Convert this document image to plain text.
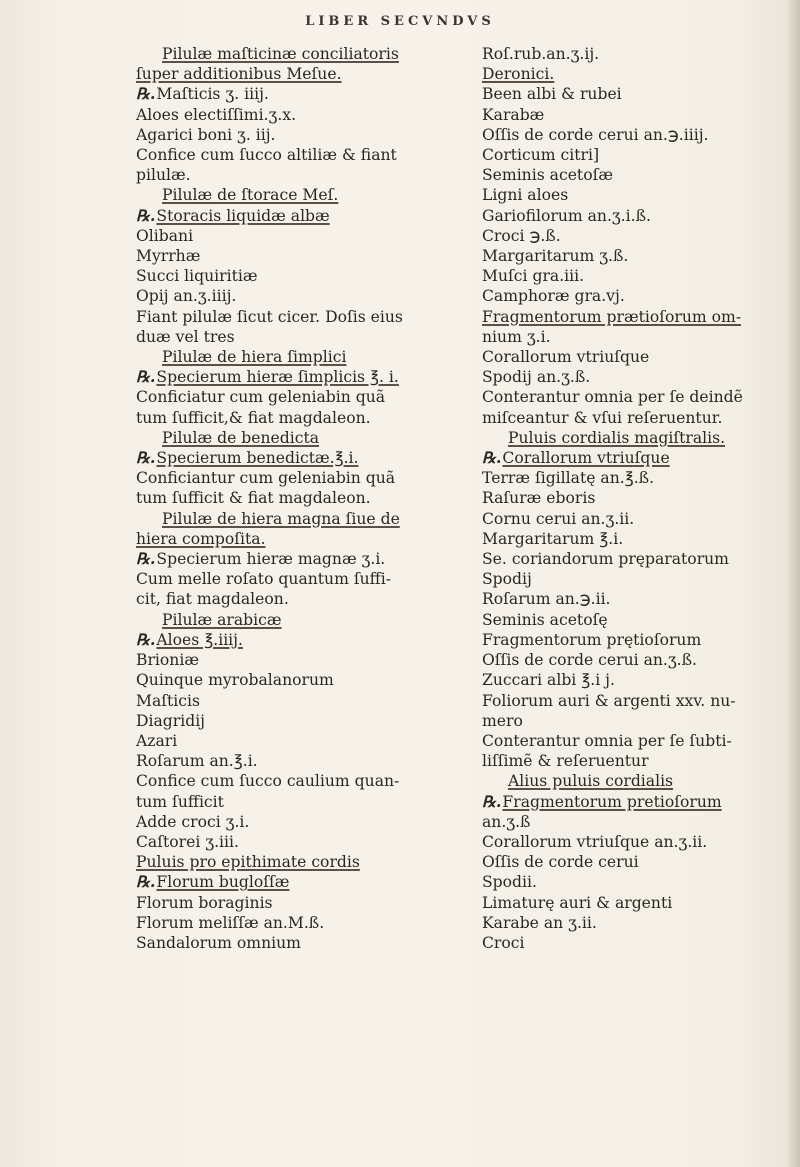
LIBER SECVNDVS
Pilulæ maſticinæ conciliatoris
ſuper additionibus Meſue.
℞.Maſticis ʒ. iiij.
Aloes electiſſimi.ʒ.x.
Agarici boni ʒ. iij.
Confice cum ſucco altiliæ & fiant
pilulæ.
Pilulæ de ſtorace Meſ.
℞.Storacis liquidæ albæ
Olibani
Myrrhæ
Succi liquiritiæ
Opij an.ʒ.iiij.
Fiant pilulæ ſicut cicer. Doſis eius
duæ vel tres
Pilulæ de hiera ſimplici
℞.Specierum hieræ ſimplicis ℥. i.
Conficiatur cum geleniabin quã
tum ſufficit,& fiat magdaleon.
Pilulæ de benedicta
℞.Specierum benedictæ.℥.i.
Conficiantur cum geleniabin quã
tum ſufficit & fiat magdaleon.
Pilulæ de hiera magna ſiue de
hiera compoſita.
℞.Specierum hieræ magnæ ʒ.i.
Cum melle roſato quantum ſuffi-
cit, fiat magdaleon.
Pilulæ arabicæ
℞.Aloes ℥.iiij.
Brioniæ
Quinque myrobalanorum
Maſticis
Diagridij
Azari
Roſarum an.℥.i.
Confice cum ſucco caulium quan-
tum ſufficit
Adde croci ʒ.i.
Caſtorei ʒ.iii.
Puluis pro epithimate cordis
℞.Florum bugloſſæ
Florum boraginis
Florum meliſſæ an.M.ß.
Sandalorum omnium
Roſ.rub.an.ʒ.ij.
Deronici.
Been albi & rubei
Karabæ
Oſſis de corde cerui an.℈.iiij.
Corticum citri]
Seminis acetoſæ
Ligni aloes
Gariofilorum an.ʒ.i.ß.
Croci ℈.ß.
Margaritarum ʒ.ß.
Muſci gra.iii.
Camphoræ gra.vj.
Fragmentorum prætioſorum om-
nium ʒ.i.
Corallorum vtriuſque
Spodij an.ʒ.ß.
Conterantur omnia per ſe deindẽ
miſceantur & vſui reſeruentur.
Puluis cordialis magiſtralis.
℞.Corallorum vtriuſque
Terræ ſigillatę an.℥.ß.
Raſuræ eboris
Cornu cerui an.ʒ.ii.
Margaritarum ℥.i.
Se. coriandorum pręparatorum
Spodij
Roſarum an.℈.ii.
Seminis acetoſę
Fragmentorum prętioſorum
Oſſis de corde cerui an.ʒ.ß.
Zuccari albi ℥.i j.
Foliorum auri & argenti xxv. nu-
mero
Conterantur omnia per ſe ſubti-
liſſimẽ & reſeruentur
Alius puluis cordialis
℞.Fragmentorum pretioſorum
an.ʒ.ß
Corallorum vtriuſque an.ʒ.ii.
Oſſis de corde cerui
Spodii.
Limaturę auri & argenti
Karabe an ʒ.ii.
Croci
